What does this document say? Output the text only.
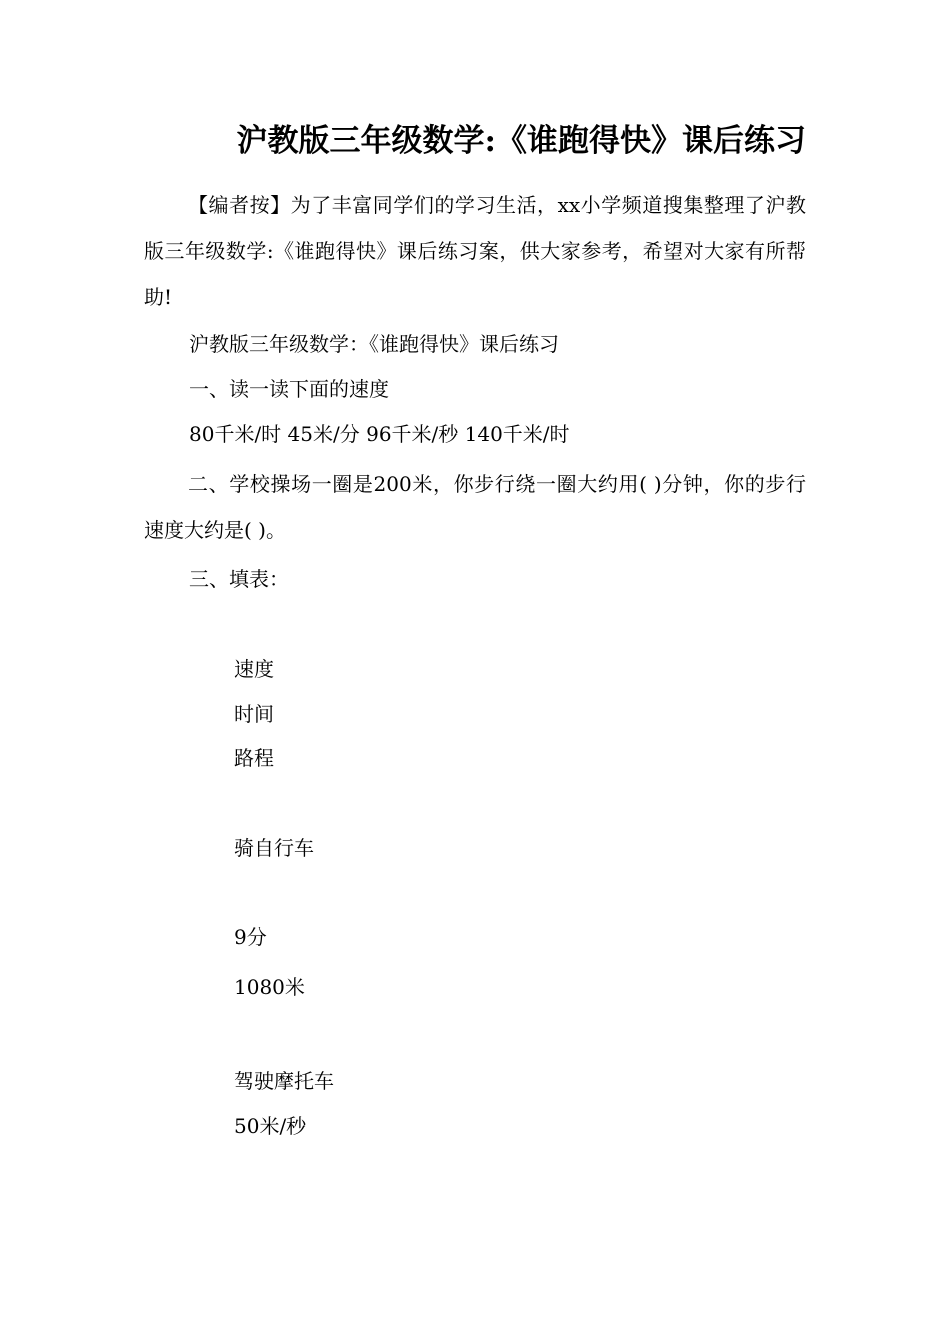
沪教版三年级数学:《谁跑得快》课后练习
【编者按】为了丰富同学们的学习生活，xx小学频道搜集整理了沪教版三年级数学:《谁跑得快》课后练习案，供大家参考，希望对大家有所帮助!
沪教版三年级数学：《谁跑得快》课后练习
一、读一读下面的速度
80千米/时 45米/分 96千米/秒 140千米/时
二、学校操场一圈是200米，你步行绕一圈大约用( )分钟，你的步行速度大约是( )。
三、填表：
速度
时间
路程
骑自行车
9分
1080米
驾驶摩托车
50米/秒
